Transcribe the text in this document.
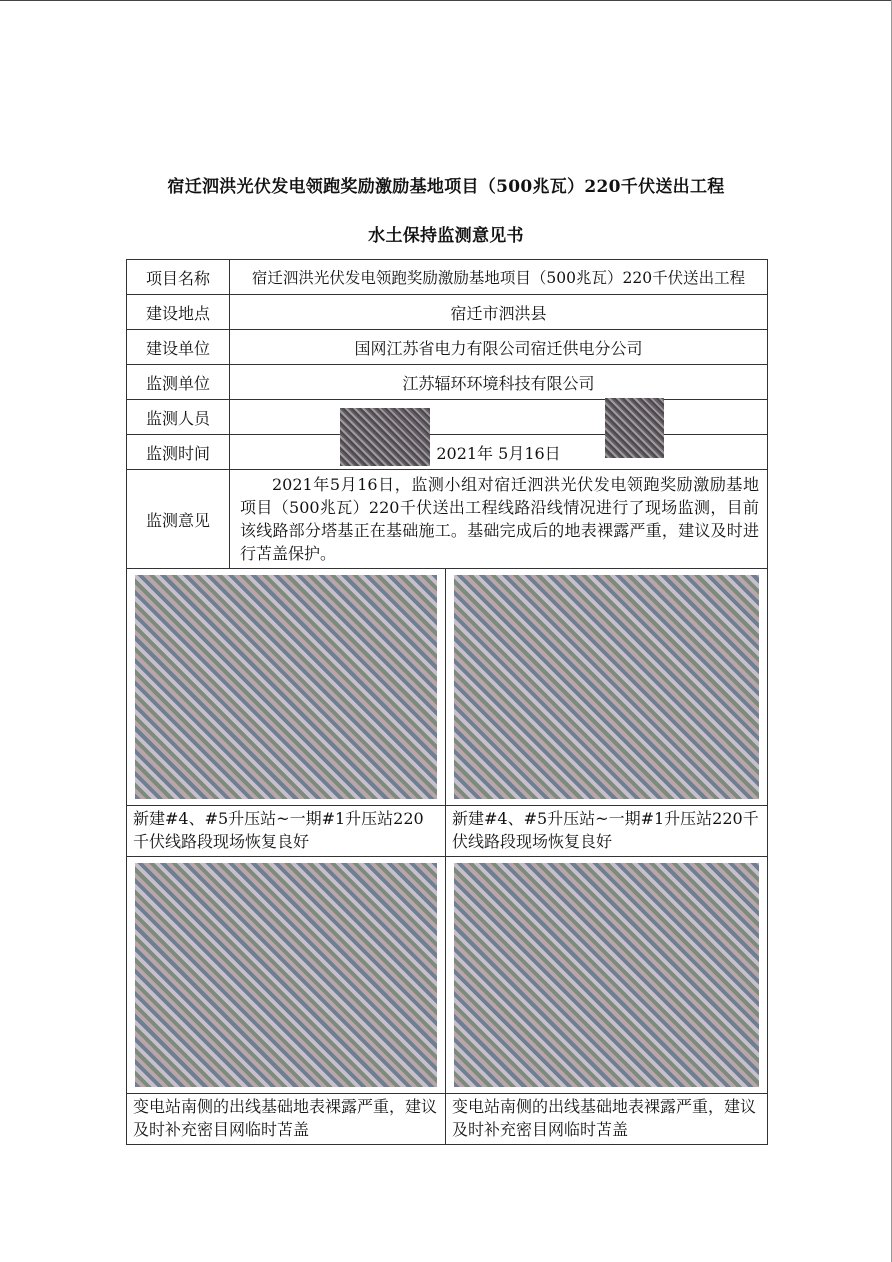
宿迁泗洪光伏发电领跑奖励激励基地项目（500兆瓦）220千伏送出工程
水土保持监测意见书
项目名称	宿迁泗洪光伏发电领跑奖励激励基地项目（500兆瓦）220千伏送出工程	
建设地点	宿迁市泗洪县	
建设单位	国网江苏省电力有限公司宿迁供电分公司	
监测单位	江苏辐环环境科技有限公司	
监测人员		
监测时间	2021年 5月16日	
监测意见	2021年5月16日，监测小组对宿迁泗洪光伏发电领跑奖励激励基地项目（500兆瓦）220千伏送出工程线路沿线情况进行了现场监测，目前该线路部分塔基正在基础施工。基础完成后的地表裸露严重，建议及时进行苫盖保护。	

新建#4、#5升压站~一期#1升压站220千伏线路段现场恢复良好		新建#4、#5升压站~一期#1升压站220千伏线路段现场恢复良好

变电站南侧的出线基础地表裸露严重，建议及时补充密目网临时苫盖		变电站南侧的出线基础地表裸露严重，建议及时补充密目网临时苫盖
